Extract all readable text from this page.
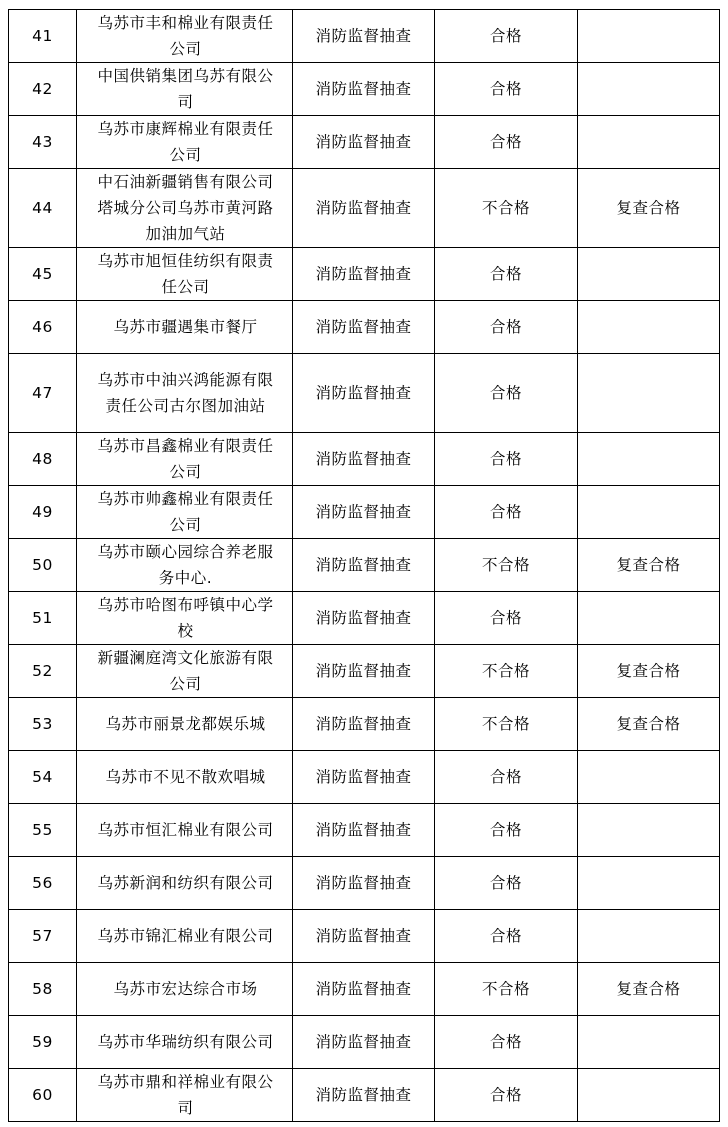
41	乌苏市丰和棉业有限责任公司	消防监督抽查	合格	
42	中国供销集团乌苏有限公司	消防监督抽查	合格	
43	乌苏市康辉棉业有限责任公司	消防监督抽查	合格	
44	中石油新疆销售有限公司塔城分公司乌苏市黄河路加油加气站	消防监督抽查	不合格	复查合格
45	乌苏市旭恒佳纺织有限责任公司	消防监督抽查	合格	
46	乌苏市疆遇集市餐厅	消防监督抽查	合格	
47	乌苏市中油兴鸿能源有限责任公司古尔图加油站	消防监督抽查	合格	
48	乌苏市昌鑫棉业有限责任公司	消防监督抽查	合格	
49	乌苏市帅鑫棉业有限责任公司	消防监督抽查	合格	
50	乌苏市颐心园综合养老服务中心.	消防监督抽查	不合格	复查合格
51	乌苏市哈图布呼镇中心学校	消防监督抽查	合格	
52	新疆澜庭湾文化旅游有限公司	消防监督抽查	不合格	复查合格
53	乌苏市丽景龙都娱乐城	消防监督抽查	不合格	复查合格
54	乌苏市不见不散欢唱城	消防监督抽查	合格	
55	乌苏市恒汇棉业有限公司	消防监督抽查	合格	
56	乌苏新润和纺织有限公司	消防监督抽查	合格	
57	乌苏市锦汇棉业有限公司	消防监督抽查	合格	
58	乌苏市宏达综合市场	消防监督抽查	不合格	复查合格
59	乌苏市华瑞纺织有限公司	消防监督抽查	合格	
60	乌苏市鼎和祥棉业有限公司	消防监督抽查	合格	
